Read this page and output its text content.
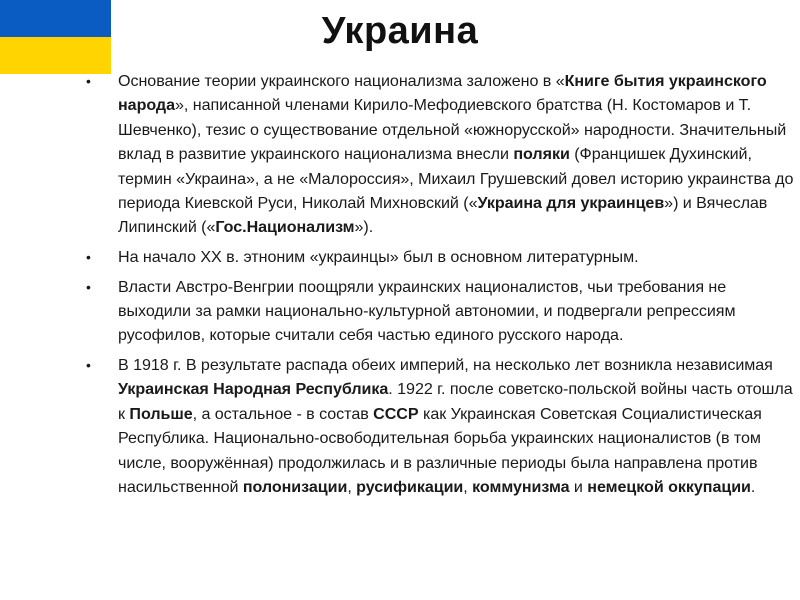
Украина
• Основание теории украинского национализма заложено в «Книге бытия украинского народа», написанной членами Кирило-Мефодиевского братства (Н. Костомаров и Т. Шевченко), тезис о существование отдельной «южнорусской» народности. Значительный вклад в развитие украинского национализма внесли поляки (Францишек Духинский, термин «Украина», а не «Малороссия», Михаил Грушевский довел историю украинства до периода Киевской Руси, Николай Михновский («Украина для украинцев») и Вячеслав Липинский («Гос.Национализм»).
• На начало XX в. этноним «украинцы» был в основном литературным.
• Власти Австро-Венгрии поощряли украинских националистов, чьи требования не выходили за рамки национально-культурной автономии, и подвергали репрессиям русофилов, которые считали себя частью единого русского народа.
• В 1918 г. В результате распада обеих империй, на несколько лет возникла независимая Украинская Народная Республика. 1922 г. после советско-польской войны часть отошла к Польше, а остальное - в состав СССР как Украинская Советская Социалистическая Республика. Национально-освободительная борьба украинских националистов (в том числе, вооружённая) продолжилась и в различные периоды была направлена против насильственной полонизации, русификации, коммунизма и немецкой оккупации.
